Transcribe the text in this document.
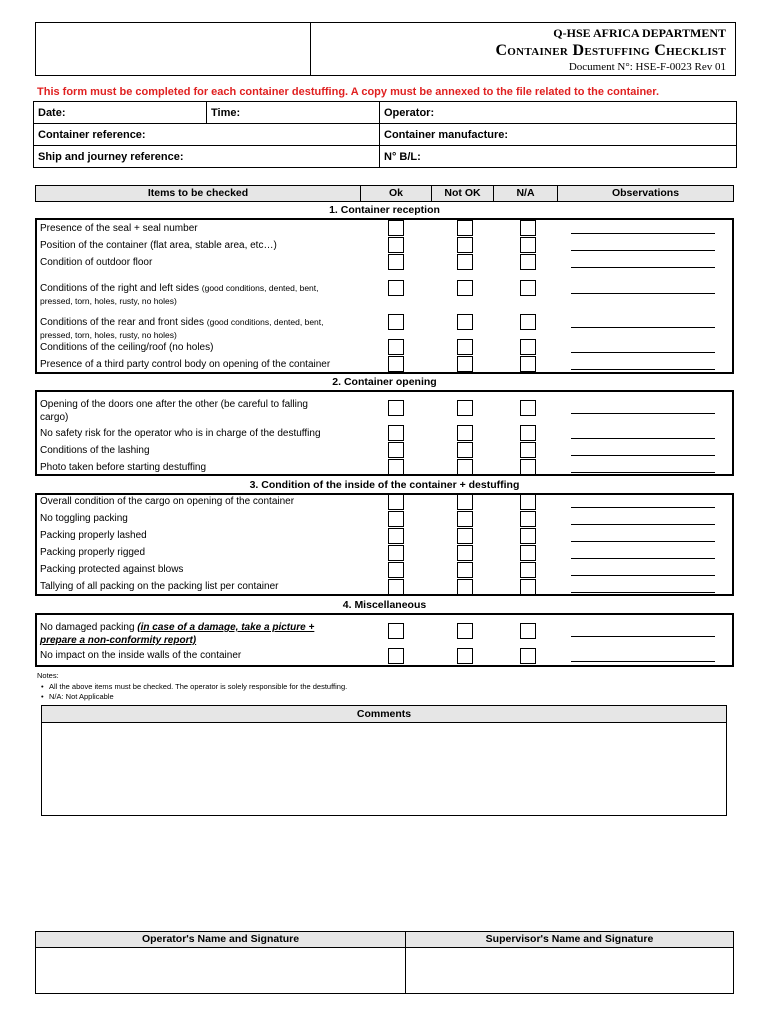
Q-HSE AFRICA DEPARTMENT
Container Destuffing Checklist
Document N°: HSE-F-0023 Rev 01
This form must be completed for each container destuffing. A copy must be annexed to the file related to the container.
Date:	Time:	Operator:
Container reference:		Container manufacture:
Ship and journey reference:		N° B/L:
Items to be checked	Ok	Not OK	N/A	Observations
1. Container reception
Presence of the seal + seal number
Position of the container (flat area, stable area, etc…)
Condition of outdoor floor
Conditions of the right and left sides (good conditions, dented, bent,
pressed, torn, holes, rusty, no holes)
Conditions of the rear and front sides (good conditions, dented, bent,
pressed, torn, holes, rusty, no holes)
Conditions of the ceiling/roof (no holes)
Presence of a third party control body on opening of the container
2. Container opening
Opening of the doors one after the other (be careful to falling
cargo)
No safety risk for the operator who is in charge of the destuffing
Conditions of the lashing
Photo taken before starting destuffing
3. Condition of the inside of the container + destuffing
Overall condition of the cargo on opening of the container
No toggling packing
Packing properly lashed
Packing properly rigged
Packing protected against blows
Tallying of all packing on the packing list per container
4. Miscellaneous
No damaged packing (in case of a damage, take a picture +
prepare a non-conformity report)
No impact on the inside walls of the container
Notes:
• All the above items must be checked. The operator is solely responsible for the destuffing.
• N/A: Not Applicable
Comments
Operator's Name and Signature	Supervisor's Name and Signature
